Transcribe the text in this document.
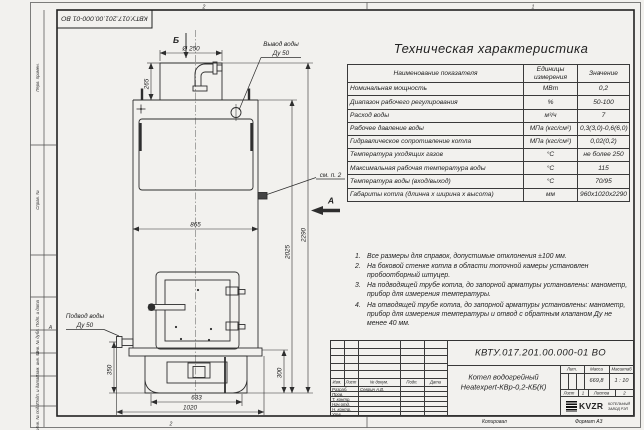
Перв. примен.
Справ. №
Подп. и дата
Инв. № дубл.
Взам. инв. №
Подп. и дата
Инв. № подл.
2	1
2
А
КВТУ.017.201.00.000-01 ВО
Б
А
Ø 250
265
865
2025
2290
350	300
633
1020
Вывод воды
Ду 50
Подвод воды
Ду 50
см. п. 2
Техническая характеристика
Наименование показателя	Единицы измерения	Значение
Номинальная мощность	МВт	0,2
Диапазон рабочего регулирования	%	50-100
Расход воды	м³/ч	7
Рабочее давление воды	МПа (кгс/см²)	0,3(3,0)-0,6(6,0)
Гидравлическое сопротивление котла	МПа (кгс/см²)	0,02(0,2)
Температура уходящих газов	°С	не более 250
Максимальная рабочая температура воды	°С	115
Температура воды (вход/выход)	°С	70/95
Габариты котла (длинна х ширина х высота)	мм	960х1020х2290
1. Все размеры для справок, допустимые отклонения ±100 мм.
2. На боковой стенке котла в области топочной камеры установлен пробоотборный штуцер.
3. На подводящей трубе котла, до запорной арматуры установлены: манометр, прибор для измерения температуры.
4. На отводящей трубе котла, до запорной арматуры установлены: манометр, прибор для измерения температуры и отвод с обратным клапаном Ду не менее 40 мм.
КВТУ.017.201.00.000-01 ВО
Котел водогрейный
Heatexpert-КВр-0,2-КБ(К)
Изм. Лист	№ докум.	Подп.	Дата
Разраб.	Севрин А.В.
Пров.
Т. контр.
Нач.отд.
Н. контр.
Утв.
Лит.	Масса Масштаб
669,8 1 : 10
Лист 1 Листов	2
KVZR КОТЕЛЬНЫЙ
ЗАВОД РЭП
Копировал	Формат А3
